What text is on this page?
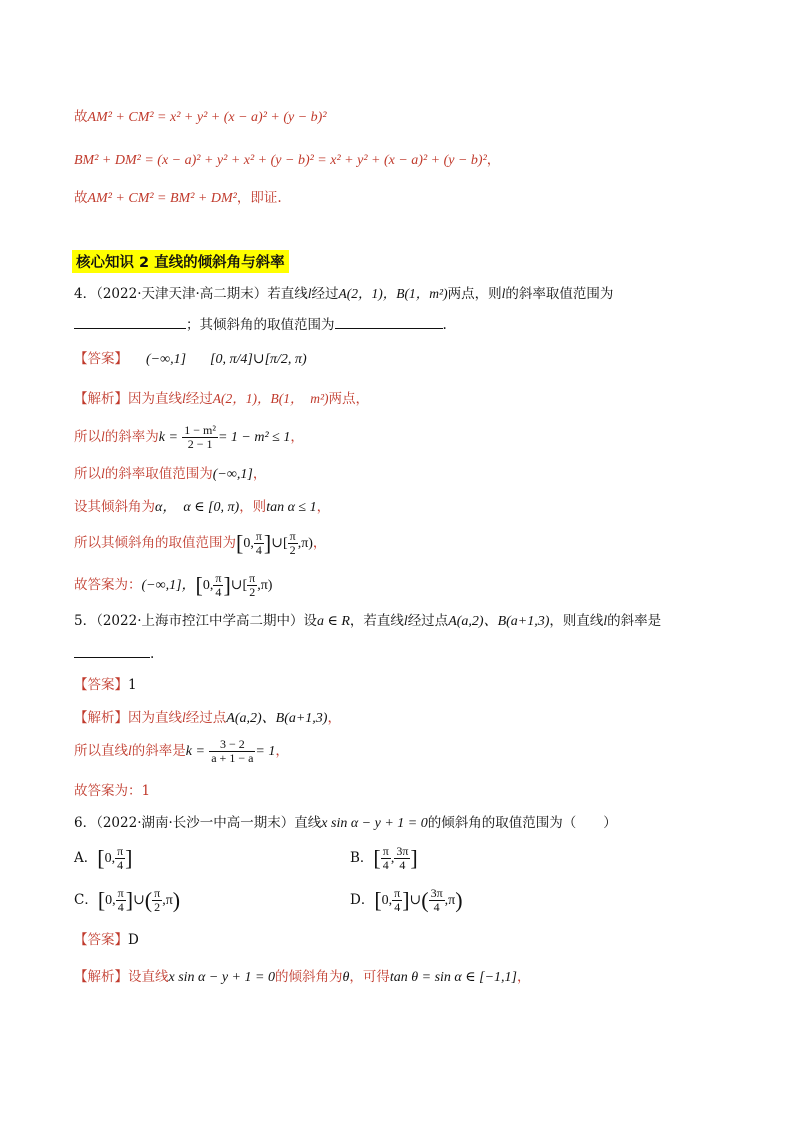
故AM² + CM² = x² + y² + (x − a)² + (y − b)²
BM² + DM² = (x − a)² + y² + x² + (y − b)² = x² + y² + (x − a)² + (y − b)²，
故AM² + CM² = BM² + DM²，即证.
核心知识 2 直线的倾斜角与斜率
4．（2022·天津天津·高二期末）若直线l经过A(2，1)，B(1，m²)两点，则l的斜率取值范围为
；其倾斜角的取值范围为	.
【答案】 (−∞,1] [0, π/4]∪[π/2, π)
【解析】因为直线l经过A(2，1)，B(1，　m²)两点，
所以l的斜率为$k = \frac{\text{1 − m²}}{2 - 1} = 1 - m^2 \le 1$，
所以l的斜率取值范围为(−∞,1]，
设其倾斜角为α，　α ∈ [0, π)，则tan α ≤ 1，
所以其倾斜角的取值范围为[0, $\frac{\pi}{4}$ ]∪[ $\frac{\pi}{2} ,\pi$)，
故答案为：(−∞,1]，[0, $\frac{\pi}{4}$ ]∪[ $\frac{\pi}{2} ,\pi$)
5．（2022·上海市控江中学高二期中）设a ∈ R，若直线l经过点A(a,2)、B(a+1,3)，则直线l的斜率是
.
【答案】1
【解析】因为直线l经过点A(a,2)、B(a+1,3)，
所以直线l的斜率是$k = \frac{3 - 2}{a + 1 - a} = 1$，
故答案为：1
6．（2022·湖南·长沙一中高一期末）直线x sin α − y + 1 = 0的倾斜角的取值范围为（　　）
A．[0, $\frac{\pi}{4}$ ]	B．[ $\frac{\pi}{4}$ , $\frac{3\pi}{4}$ ]
C．[0, $\frac{\pi}{4}$ ]∪( $\frac{\pi}{2} ,\pi$)	D．[0, $\frac{\pi}{4}$ ]∪( $\frac{3\pi}{4} ,\pi$)
【答案】D
【解析】设直线x sin α − y + 1 = 0的倾斜角为θ，可得tan θ = sin α ∈ [−1,1]，
